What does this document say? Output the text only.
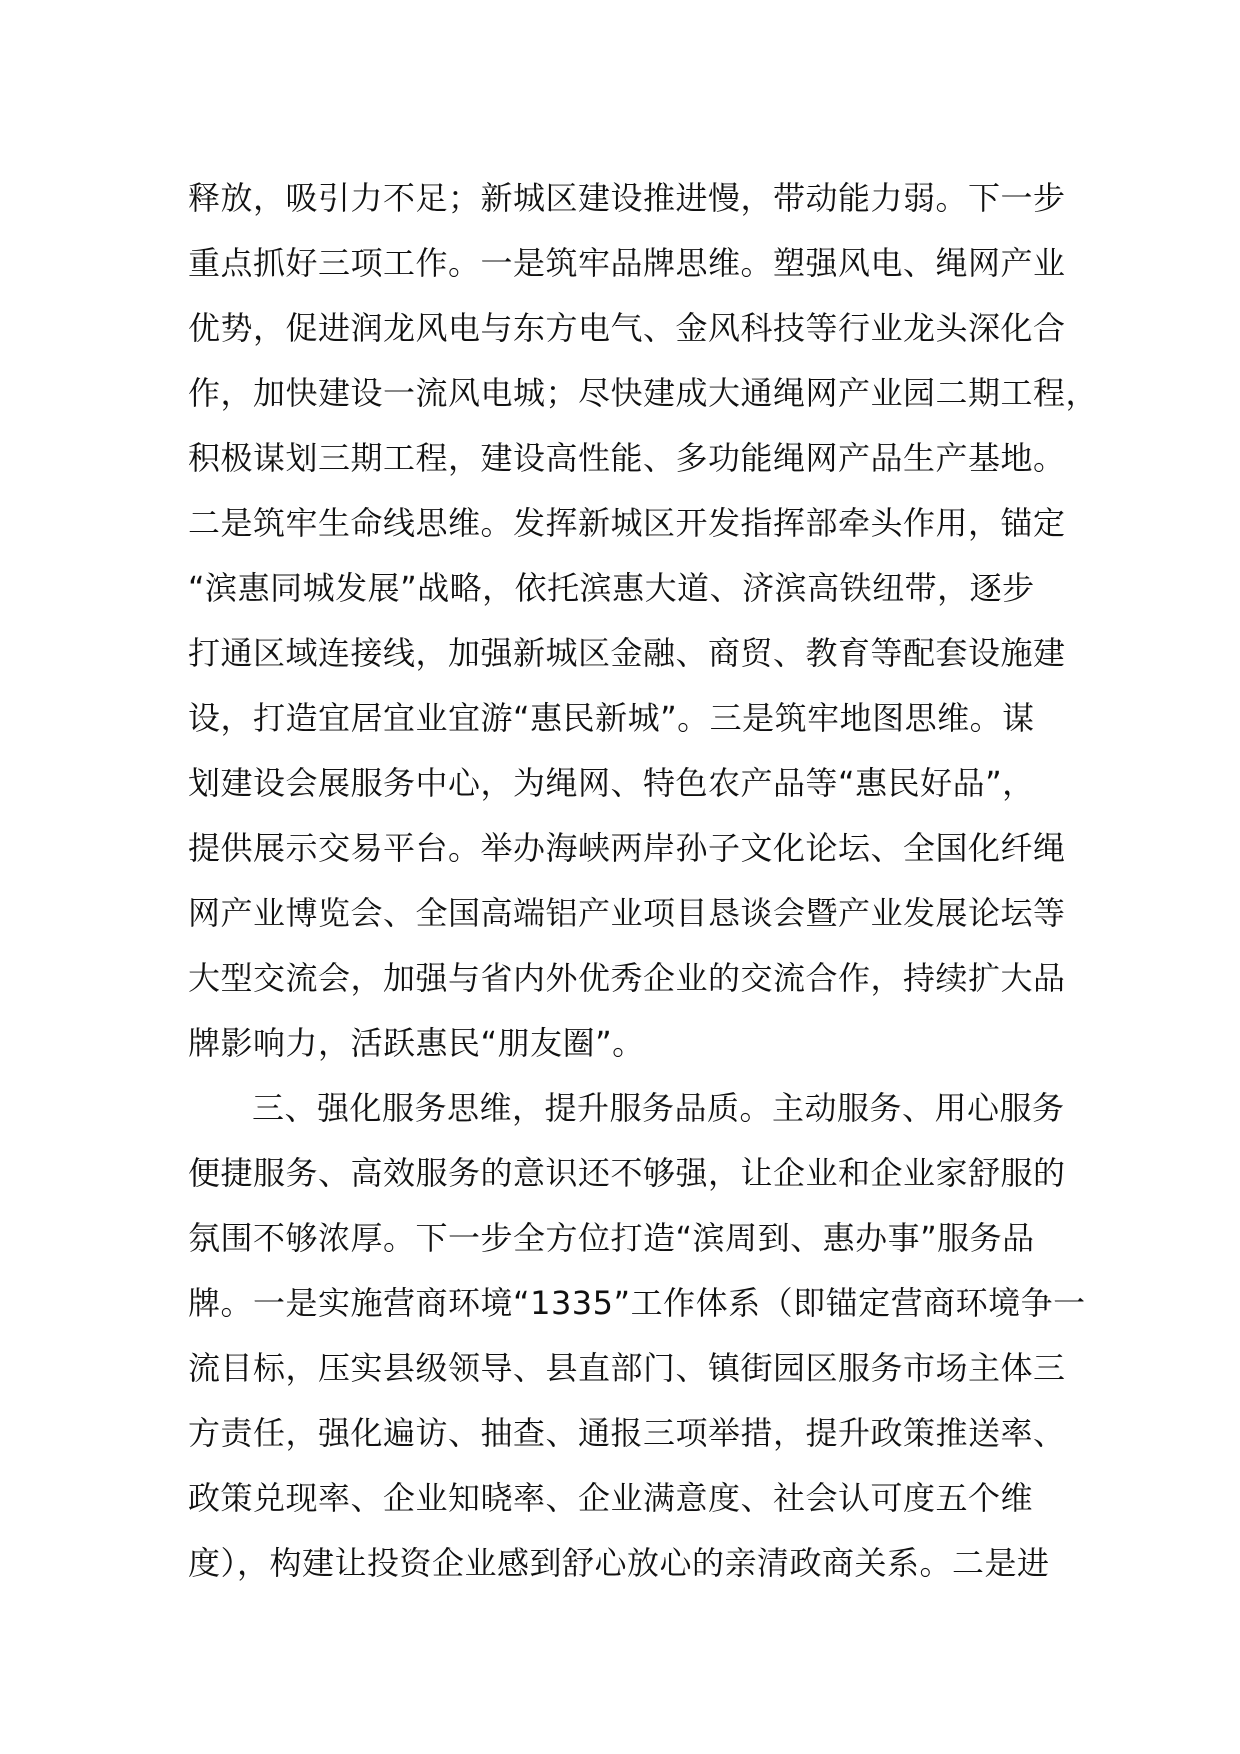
释放，吸引力不足；新城区建设推进慢，带动能力弱。下一步
重点抓好三项工作。一是筑牢品牌思维。塑强风电、绳网产业
优势，促进润龙风电与东方电气、金风科技等行业龙头深化合
作，加快建设一流风电城；尽快建成大通绳网产业园二期工程，
积极谋划三期工程，建设高性能、多功能绳网产品生产基地。
二是筑牢生命线思维。发挥新城区开发指挥部牵头作用，锚定
“滨惠同城发展”战略，依托滨惠大道、济滨高铁纽带，逐步
打通区域连接线，加强新城区金融、商贸、教育等配套设施建
设，打造宜居宜业宜游“惠民新城”。三是筑牢地图思维。谋
划建设会展服务中心，为绳网、特色农产品等“惠民好品”，
提供展示交易平台。举办海峡两岸孙子文化论坛、全国化纤绳
网产业博览会、全国高端铝产业项目恳谈会暨产业发展论坛等
大型交流会，加强与省内外优秀企业的交流合作，持续扩大品
牌影响力，活跃惠民“朋友圈”。
三、强化服务思维，提升服务品质。主动服务、用心服务
便捷服务、高效服务的意识还不够强，让企业和企业家舒服的
氛围不够浓厚。下一步全方位打造“滨周到、惠办事”服务品
牌。一是实施营商环境“1335”工作体系（即锚定营商环境争一
流目标，压实县级领导、县直部门、镇街园区服务市场主体三
方责任，强化遍访、抽查、通报三项举措，提升政策推送率、
政策兑现率、企业知晓率、企业满意度、社会认可度五个维
度），构建让投资企业感到舒心放心的亲清政商关系。二是进
